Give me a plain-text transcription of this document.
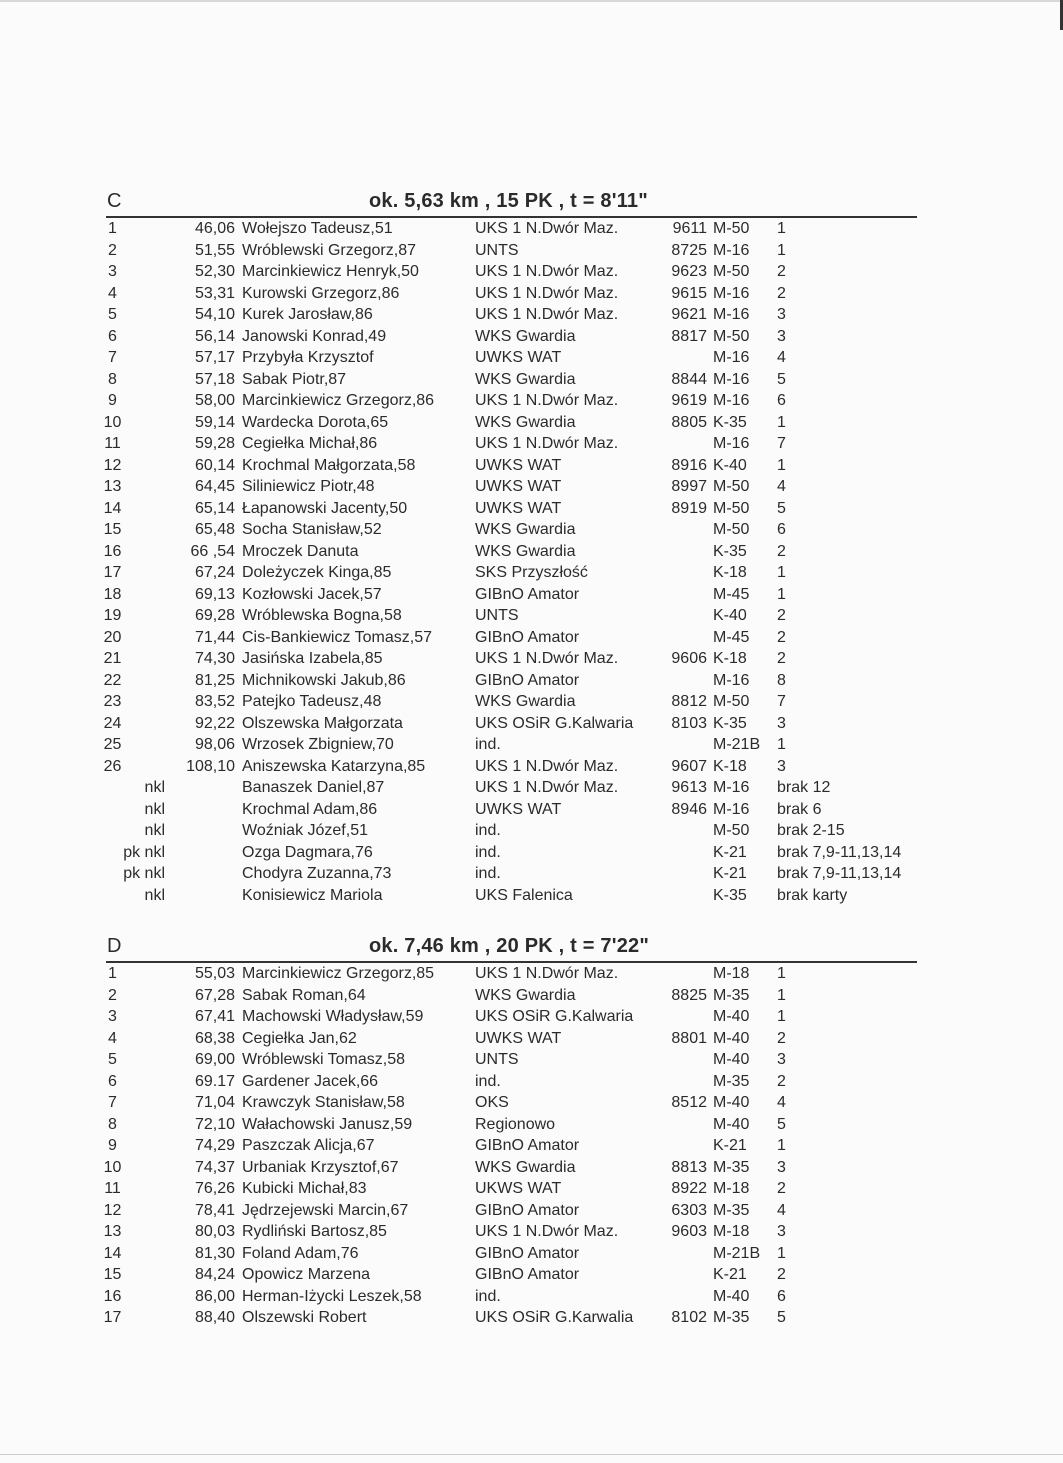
C	ok. 5,63 km , 15 PK , t = 8'11"
1	46,06 Wołejszo Tadeusz,51	UKS 1 N.Dwór Maz.	9611 M-50 1
2	51,55 Wróblewski Grzegorz,87	UNTS	8725 M-16 1
3	52,30 Marcinkiewicz Henryk,50	UKS 1 N.Dwór Maz.	9623 M-50 2
4	53,31 Kurowski Grzegorz,86	UKS 1 N.Dwór Maz.	9615 M-16 2
5	54,10 Kurek Jarosław,86	UKS 1 N.Dwór Maz.	9621 M-16 3
6	56,14 Janowski Konrad,49	WKS Gwardia	8817 M-50 3
7	57,17 Przybyła Krzysztof	UWKS WAT	M-16 4
8	57,18 Sabak Piotr,87	WKS Gwardia	8844 M-16 5
9	58,00 Marcinkiewicz Grzegorz,86	UKS 1 N.Dwór Maz.	9619 M-16 6
10	59,14 Wardecka Dorota,65	WKS Gwardia	8805 K-35 1
11	59,28 Cegiełka Michał,86	UKS 1 N.Dwór Maz.	M-16 7
12	60,14 Krochmal Małgorzata,58	UWKS WAT	8916 K-40 1
13	64,45 Siliniewicz Piotr,48	UWKS WAT	8997 M-50 4
14	65,14 Łapanowski Jacenty,50	UWKS WAT	8919 M-50 5
15	65,48 Socha Stanisław,52	WKS Gwardia	M-50 6
16	66 ,54 Mroczek Danuta	WKS Gwardia	K-35 2
17	67,24 Doleżyczek Kinga,85	SKS Przyszłość	K-18 1
18	69,13 Kozłowski Jacek,57	GIBnO Amator	M-45 1
19	69,28 Wróblewska Bogna,58	UNTS	K-40 2
20	71,44 Cis-Bankiewicz Tomasz,57	GIBnO Amator	M-45 2
21	74,30 Jasińska Izabela,85	UKS 1 N.Dwór Maz.	9606 K-18 2
22	81,25 Michnikowski Jakub,86	GIBnO Amator	M-16 8
23	83,52 Patejko Tadeusz,48	WKS Gwardia	8812 M-50 7
24	92,22 Olszewska Małgorzata	UKS OSiR G.Kalwaria	8103 K-35 3
25	98,06 Wrzosek Zbigniew,70	ind.	M-21B 1
26	108,10 Aniszewska Katarzyna,85	UKS 1 N.Dwór Maz.	9607 K-18 3
nkl	Banaszek Daniel,87	UKS 1 N.Dwór Maz.	9613 M-16 brak 12
nkl	Krochmal Adam,86	UWKS WAT	8946 M-16 brak 6
nkl	Woźniak Józef,51	ind.	M-50 brak 2-15
pk nkl	Ozga Dagmara,76	ind.	K-21 brak 7,9-11,13,14
pk nkl	Chodyra Zuzanna,73	ind.	K-21 brak 7,9-11,13,14
nkl	Konisiewicz Mariola	UKS Falenica	K-35 brak karty
D	ok. 7,46 km , 20 PK , t = 7'22"
1	55,03 Marcinkiewicz Grzegorz,85	UKS 1 N.Dwór Maz.	M-18 1
2	67,28 Sabak Roman,64	WKS Gwardia	8825 M-35 1
3	67,41 Machowski Władysław,59	UKS OSiR G.Kalwaria	M-40 1
4	68,38 Cegiełka Jan,62	UWKS WAT	8801 M-40 2
5	69,00 Wróblewski Tomasz,58	UNTS	M-40 3
6	69.17 Gardener Jacek,66	ind.	M-35 2
7	71,04 Krawczyk Stanisław,58	OKS	8512 M-40 4
8	72,10 Wałachowski Janusz,59	Regionowo	M-40 5
9	74,29 Paszczak Alicja,67	GIBnO Amator	K-21 1
10	74,37 Urbaniak Krzysztof,67	WKS Gwardia	8813 M-35 3
11	76,26 Kubicki Michał,83	UKWS WAT	8922 M-18 2
12	78,41 Jędrzejewski Marcin,67	GIBnO Amator	6303 M-35 4
13	80,03 Rydliński Bartosz,85	UKS 1 N.Dwór Maz.	9603 M-18 3
14	81,30 Foland Adam,76	GIBnO Amator	M-21B 1
15	84,24 Opowicz Marzena	GIBnO Amator	K-21 2
16	86,00 Herman-Iżycki Leszek,58	ind.	M-40 6
17	88,40 Olszewski Robert	UKS OSiR G.Karwalia	8102 M-35 5
